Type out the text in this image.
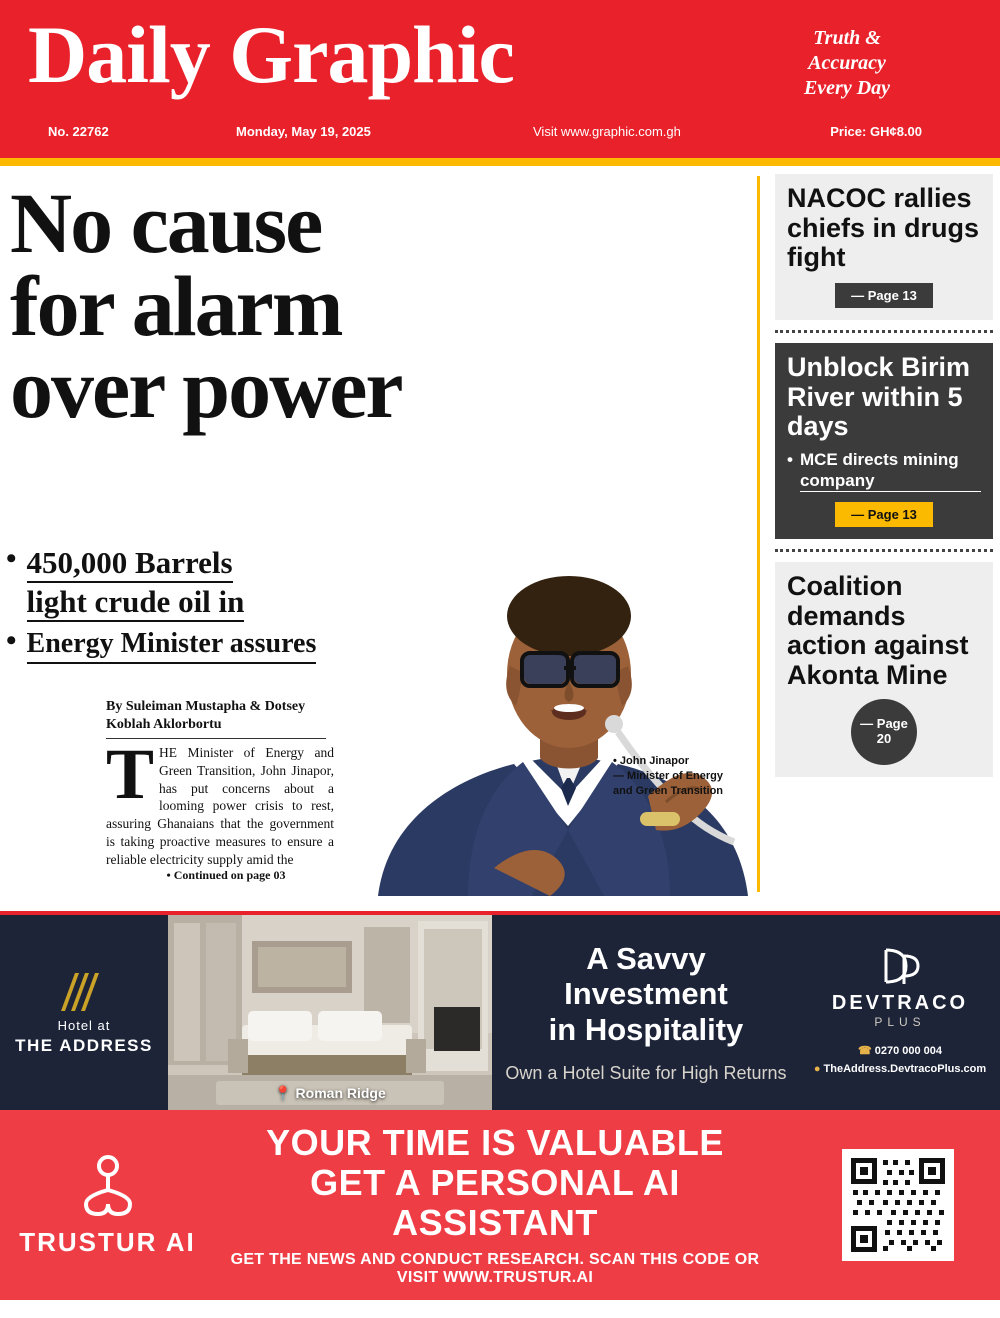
Daily Graphic	Truth &
Accuracy
Every Day
No. 22762	Monday, May 19, 2025	Visit www.graphic.com.gh	Price: GH¢8.00
No cause
for alarm
over power
• 450,000 Barrels
light crude oil in
• Energy Minister assures
By Suleiman Mustapha & Dotsey Koblah Aklorbortu
THE Minister of Energy and Green Transition, John Jinapor, has put concerns about a looming power crisis to rest, assuring Ghanaians that the government is taking proactive measures to ensure a reliable electricity supply amid the
• Continued on page 03
• John Jinapor
— Minister of Energy
and Green Transition
NACOC rallies chiefs in drugs fight
— Page 13
Unblock Birim River within 5 days
• MCE directs mining company
— Page 13
Coalition demands action against Akonta Mine
— Page
20
Hotel at
THE ADDRESS
📍 Roman Ridge
A Savvy Investment
in Hospitality
Own a Hotel Suite for High Returns
DEVTRACO
PLUS
☎ 0270 000 004
● TheAddress.DevtracoPlus.com
TRUSTUR AI
YOUR TIME IS VALUABLE
GET A PERSONAL AI ASSISTANT
GET THE NEWS AND CONDUCT RESEARCH. SCAN THIS CODE OR VISIT WWW.TRUSTUR.AI
